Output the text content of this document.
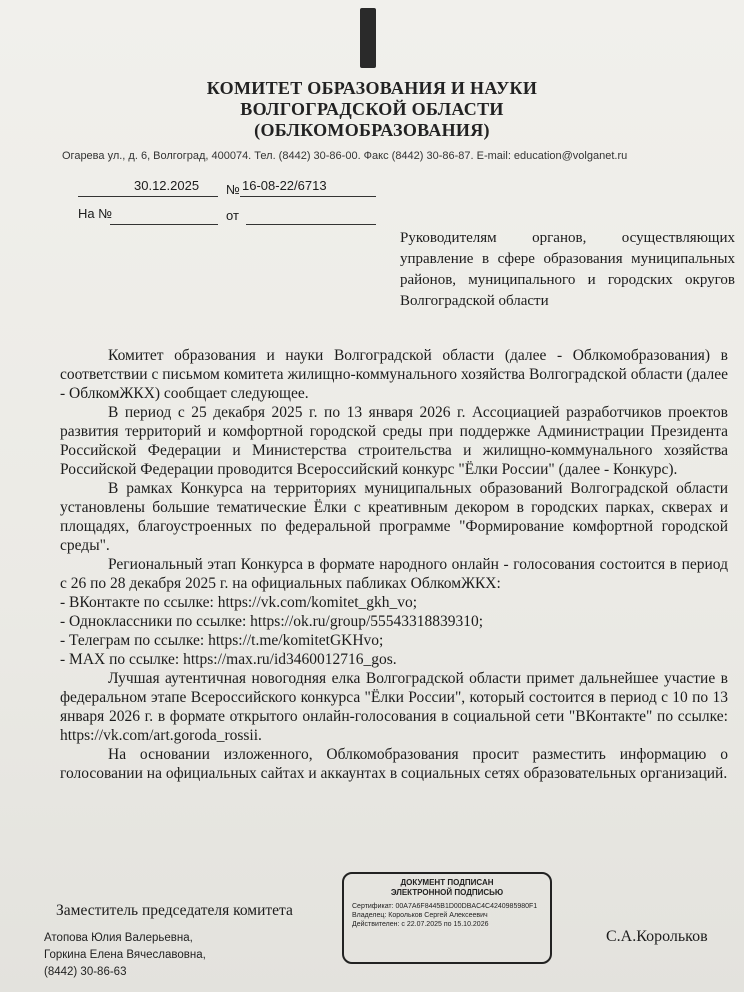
КОМИТЕТ ОБРАЗОВАНИЯ И НАУКИ
ВОЛГОГРАДСКОЙ ОБЛАСТИ
(ОБЛКОМОБРАЗОВАНИЯ)
Огарева ул., д. 6, Волгоград, 400074. Тел. (8442) 30-86-00. Факс (8442) 30-86-87. E-mail: education@volganet.ru
30.12.2025 № 16-08-22/6713
На №	от
Руководителям органов, осуществляющих управление в сфере образования муниципальных районов, муниципального и городских округов Волгоградской области

Комитет образования и науки Волгоградской области (далее - Облкомобразования) в соответствии с письмом комитета жилищно-коммунального хозяйства Волгоградской области (далее - ОблкомЖКХ) сообщает следующее.

В период с 25 декабря 2025 г. по 13 января 2026 г. Ассоциацией разработчиков проектов развития территорий и комфортной городской среды при поддержке Администрации Президента Российской Федерации и Министерства строительства и жилищно-коммунального хозяйства Российской Федерации проводится Всероссийский конкурс "Ёлки России" (далее - Конкурс).

В рамках Конкурса на территориях муниципальных образований Волгоградской области установлены большие тематические Ёлки с креативным декором в городских парках, скверах и площадях, благоустроенных по федеральной программе "Формирование комфортной городской среды".

Региональный этап Конкурса в формате народного онлайн - голосования состоится в период с 26 по 28 декабря 2025 г. на официальных пабликах ОблкомЖКХ:

- ВКонтакте по ссылке: https://vk.com/komitet_gkh_vo;

- Одноклассники по ссылке: https://ok.ru/group/55543318839310;

- Телеграм по ссылке: https://t.me/komitetGKHvo;

- МАХ по ссылке: https://max.ru/id3460012716_gos.

Лучшая аутентичная новогодняя елка Волгоградской области примет дальнейшее участие в федеральном этапе Всероссийского конкурса "Ёлки России", который состоится в период с 10 по 13 января 2026 г. в формате открытого онлайн-голосования в социальной сети "ВКонтакте" по ссылке: https://vk.com/art.goroda_rossii.

На основании изложенного, Облкомобразования просит разместить информацию о голосовании на официальных сайтах и аккаунтах в социальных сетях образовательных организаций.

Заместитель председателя комитета
ДОКУМЕНТ ПОДПИСАН
ЭЛЕКТРОННОЙ ПОДПИСЬЮ
Сертификат: 00A7A6F8445B1D00DBAC4C4240985980F1
Владелец: Корольков Сергей Алексеевич
Действителен: с 22.07.2025 по 15.10.2026
С.А.Корольков
Атопова Юлия Валерьевна,
Горкина Елена Вячеславовна,
(8442) 30-86-63
